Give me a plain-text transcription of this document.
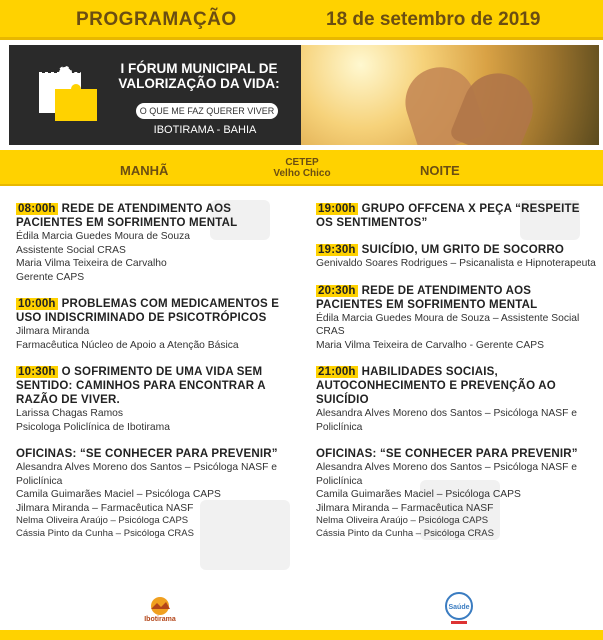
PROGRAMAÇÃO	18 de setembro de 2019
I FÓRUM MUNICIPAL DE
VALORIZAÇÃO DA VIDA:
O QUE ME FAZ QUERER VIVER
IBOTIRAMA - BAHIA
MANHÃ
CETEP
Velho Chico	NOITE
08:00h REDE DE ATENDIMENTO AOS PACIENTES EM SOFRIMENTO MENTAL
Édila Marcia Guedes Moura de Souza
Assistente Social CRAS
Maria Vilma Teixeira de Carvalho
Gerente CAPS
10:00h PROBLEMAS COM MEDICAMENTOS E USO INDISCRIMINADO DE PSICOTRÓPICOS
Jilmara Miranda
Farmacêutica Núcleo de Apoio a Atenção Básica
10:30h O SOFRIMENTO DE UMA VIDA SEM SENTIDO: CAMINHOS PARA ENCONTRAR A RAZÃO DE VIVER.
Larissa Chagas Ramos
Psicologa Policlínica de Ibotirama
OFICINAS: “SE CONHECER PARA PREVENIR”
Alesandra Alves Moreno dos Santos – Psicóloga NASF e Policlínica
Camila Guimarães Maciel – Psicóloga CAPS
Jilmara Miranda – Farmacêutica NASF
Nelma Oliveira Araújo – Psicóloga CAPS
Cássia Pinto da Cunha – Psicóloga CRAS
19:00h GRUPO OFFCENA X PEÇA “RESPEITE OS SENTIMENTOS”
19:30h SUICÍDIO, UM GRITO DE SOCORRO
Genivaldo Soares Rodrigues – Psicanalista e Hipnoterapeuta
20:30h REDE DE ATENDIMENTO AOS PACIENTES EM SOFRIMENTO MENTAL
Édila Marcia Guedes Moura de Souza – Assistente Social CRAS
Maria Vilma Teixeira de Carvalho - Gerente CAPS
21:00h HABILIDADES SOCIAIS, AUTOCONHECIMENTO E PREVENÇÃO AO SUICÍDIO
Alesandra Alves Moreno dos Santos – Psicóloga NASF e Policlínica
OFICINAS: “SE CONHECER PARA PREVENIR”
Alesandra Alves Moreno dos Santos – Psicóloga NASF e Policlínica
Camila Guimarães Maciel – Psicóloga CAPS
Jilmara Miranda – Farmacêutica NASF
Nelma Oliveira Araújo – Psicóloga CAPS
Cássia Pinto da Cunha – Psicóloga CRAS
Ibotirama
Saúde
